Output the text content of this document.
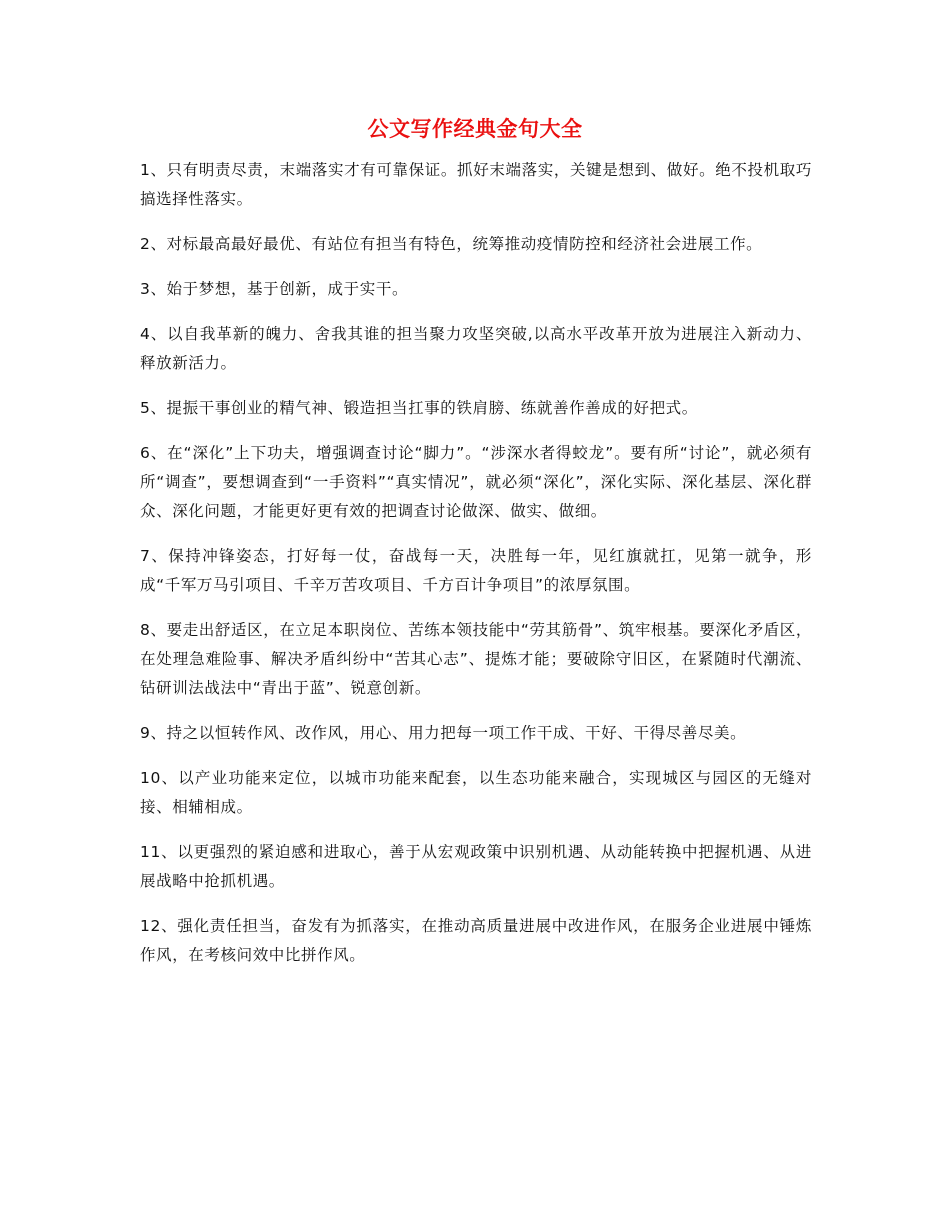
公文写作经典金句大全

1、只有明责尽责，末端落实才有可靠保证。抓好末端落实，关键是想到、做好。绝不投机取巧搞选择性落实。

2、对标最高最好最优、有站位有担当有特色，统筹推动疫情防控和经济社会进展工作。

3、始于梦想，基于创新，成于实干。

4、以自我革新的魄力、舍我其谁的担当聚力攻坚突破,以高水平改革开放为进展注入新动力、释放新活力。

5、提振干事创业的精气神、锻造担当扛事的铁肩膀、练就善作善成的好把式。

6、在“深化”上下功夫，增强调查讨论“脚力”。“涉深水者得蛟龙”。要有所“讨论”，就必须有所“调查”，要想调查到“一手资料”“真实情况”，就必须“深化”，深化实际、深化基层、深化群众、深化问题，才能更好更有效的把调查讨论做深、做实、做细。

7、保持冲锋姿态，打好每一仗，奋战每一天，决胜每一年，见红旗就扛，见第一就争，形成“千军万马引项目、千辛万苦攻项目、千方百计争项目”的浓厚氛围。

8、要走出舒适区，在立足本职岗位、苦练本领技能中“劳其筋骨”、筑牢根基。要深化矛盾区，在处理急难险事、解决矛盾纠纷中“苦其心志”、提炼才能；要破除守旧区，在紧随时代潮流、钻研训法战法中“青出于蓝”、锐意创新。

9、持之以恒转作风、改作风，用心、用力把每一项工作干成、干好、干得尽善尽美。

10、以产业功能来定位，以城市功能来配套，以生态功能来融合，实现城区与园区的无缝对接、相辅相成。

11、以更强烈的紧迫感和进取心，善于从宏观政策中识别机遇、从动能转换中把握机遇、从进展战略中抢抓机遇。

12、强化责任担当，奋发有为抓落实，在推动高质量进展中改进作风，在服务企业进展中锤炼作风，在考核问效中比拼作风。
